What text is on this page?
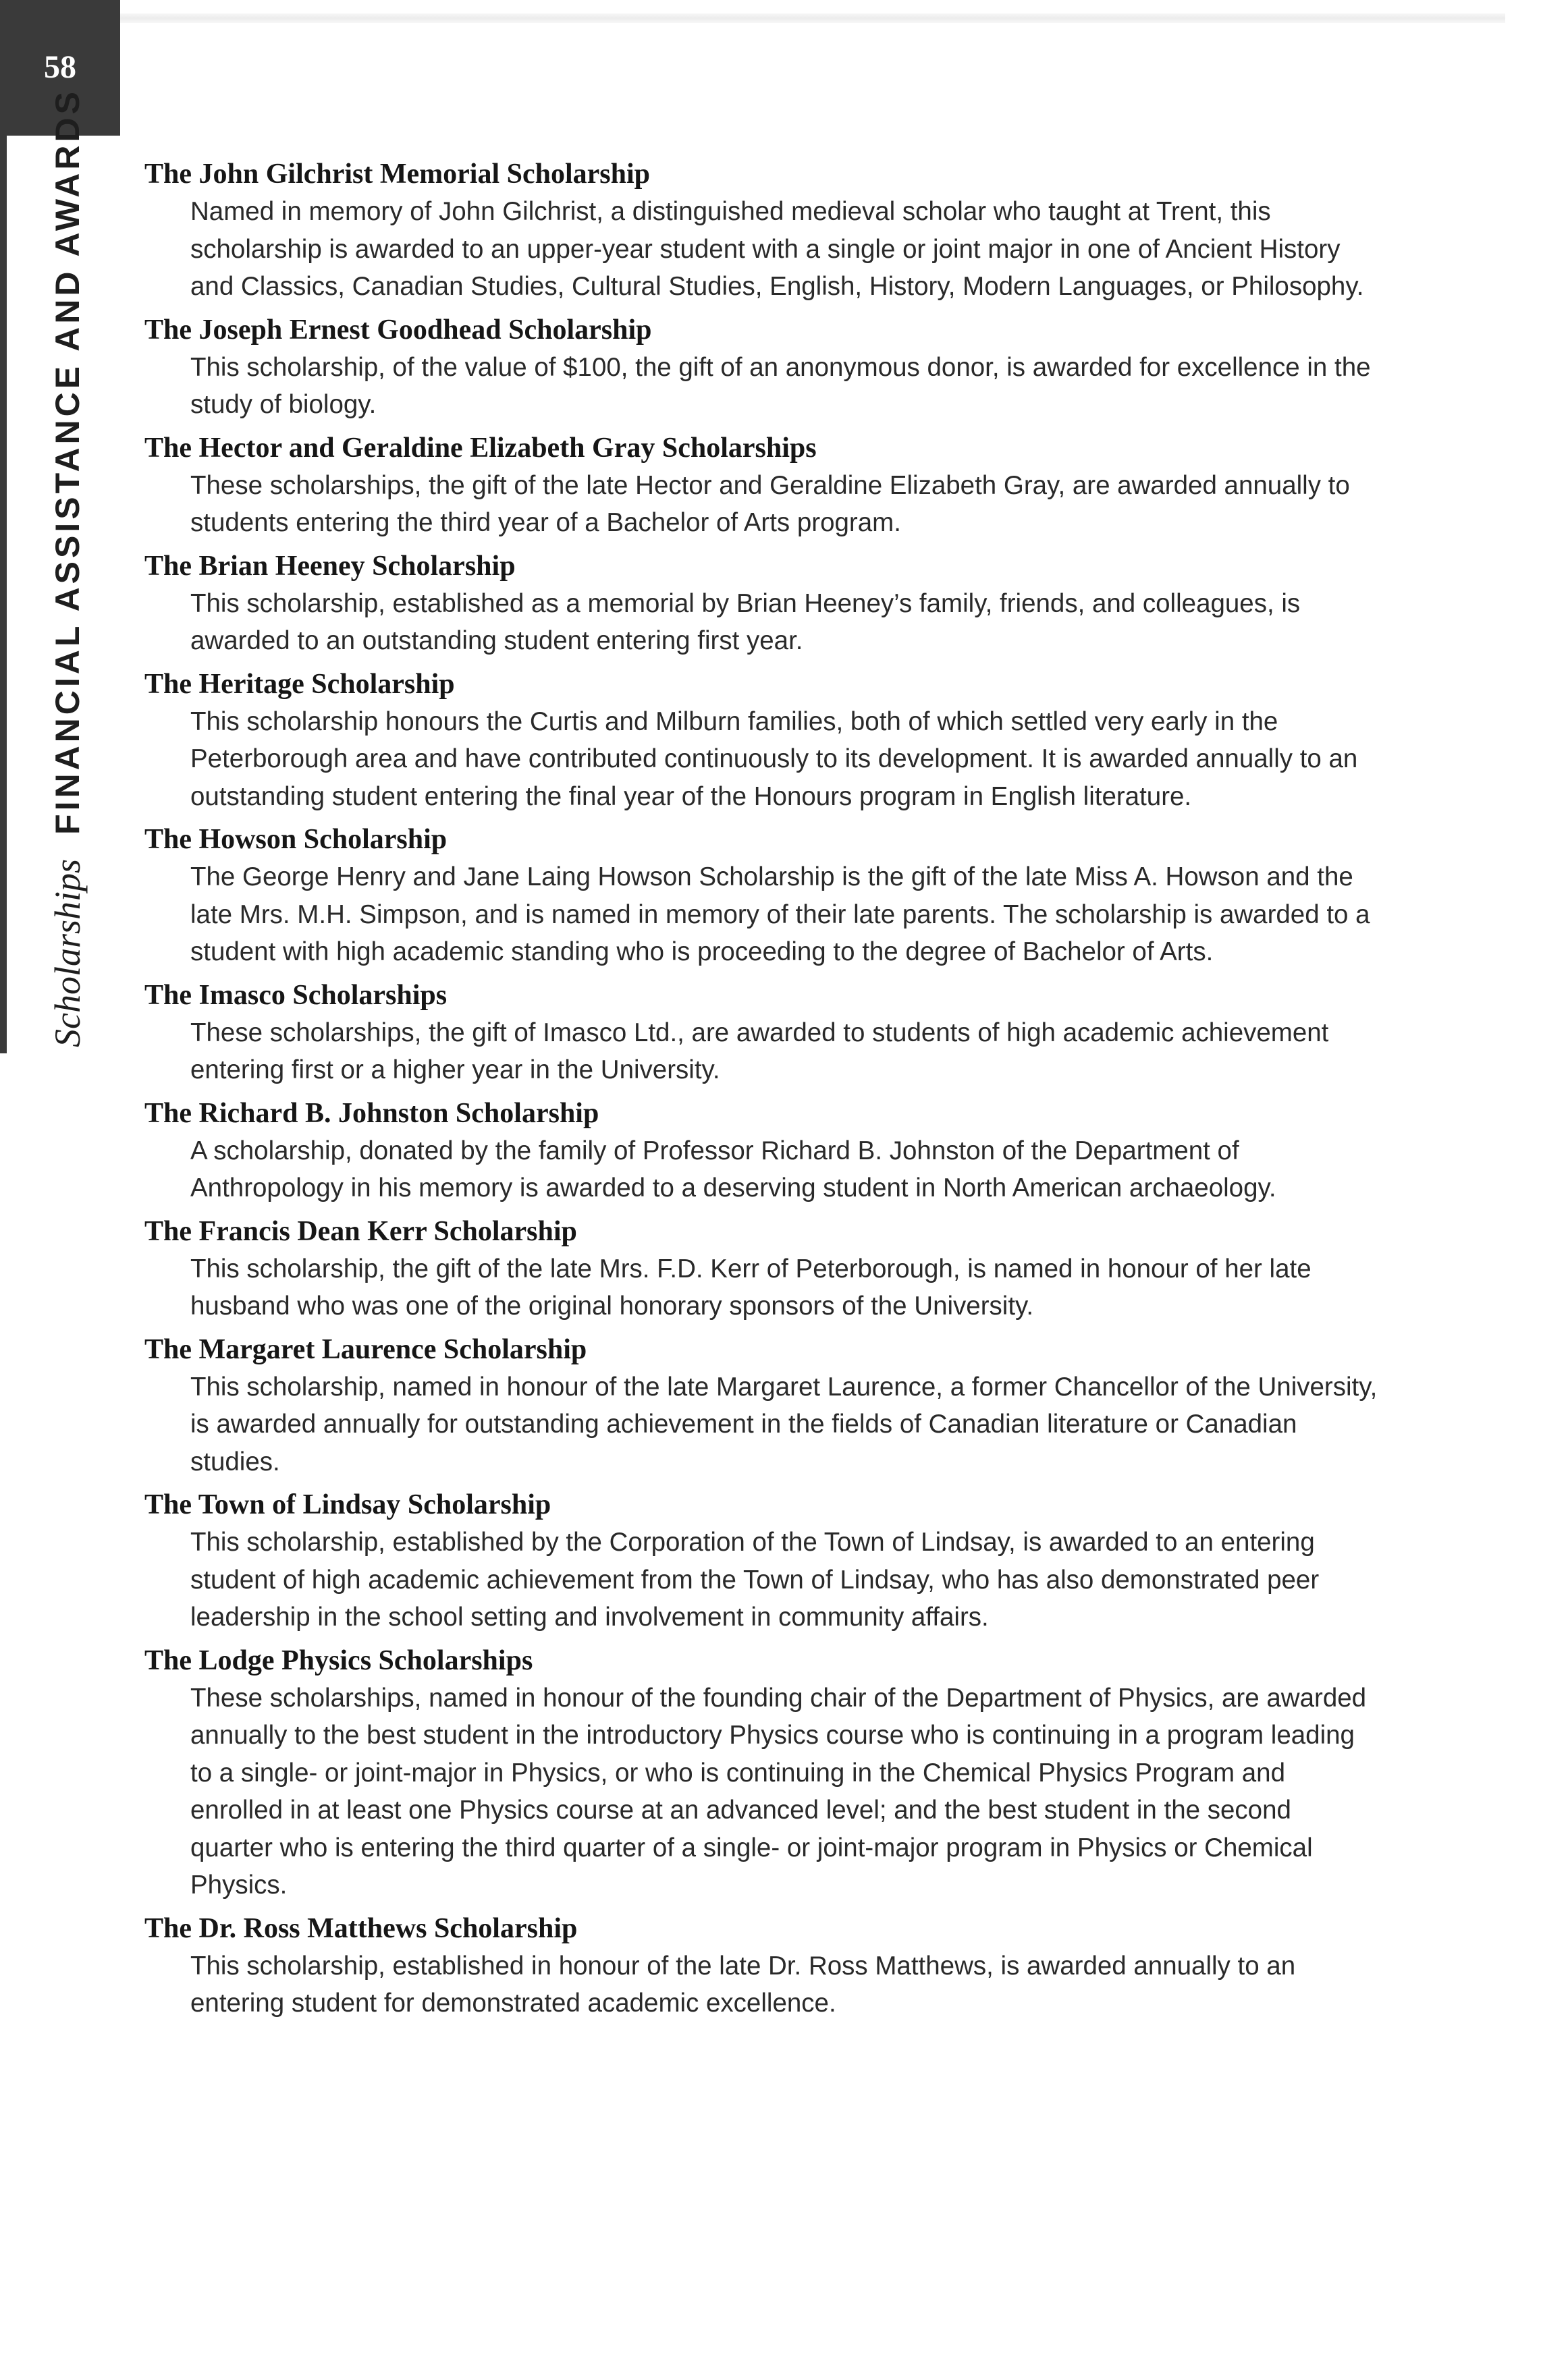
58
Scholarships
FINANCIAL ASSISTANCE AND AWARDS The John Gilchrist Memorial Scholarship
Named in memory of John Gilchrist, a distinguished medieval scholar who taught at Trent, this scholarship is awarded to an upper-year student with a single or joint major in one of Ancient History and Classics, Canadian Studies, Cultural Studies, English, History, Modern Languages, or Philosophy.
The Joseph Ernest Goodhead Scholarship
This scholarship, of the value of $100, the gift of an anonymous donor, is awarded for excellence in the study of biology.
The Hector and Geraldine Elizabeth Gray Scholarships
These scholarships, the gift of the late Hector and Geraldine Elizabeth Gray, are awarded annually to students entering the third year of a Bachelor of Arts program.
The Brian Heeney Scholarship
This scholarship, established as a memorial by Brian Heeney’s family, friends, and colleagues, is awarded to an outstanding student entering first year.
The Heritage Scholarship
This scholarship honours the Curtis and Milburn families, both of which settled very early in the Peterborough area and have contributed continuously to its development. It is awarded annually to an outstanding student entering the final year of the Honours program in English literature.
The Howson Scholarship
The George Henry and Jane Laing Howson Scholarship is the gift of the late Miss A. Howson and the late Mrs. M.H. Simpson, and is named in memory of their late parents. The scholarship is awarded to a student with high academic standing who is proceeding to the degree of Bachelor of Arts.
The Imasco Scholarships
These scholarships, the gift of Imasco Ltd., are awarded to students of high academic achievement entering first or a higher year in the University.
The Richard B. Johnston Scholarship
A scholarship, donated by the family of Professor Richard B. Johnston of the Department of Anthropology in his memory is awarded to a deserving student in North American archaeology.
The Francis Dean Kerr Scholarship
This scholarship, the gift of the late Mrs. F.D. Kerr of Peterborough, is named in honour of her late husband who was one of the original honorary sponsors of the University.
The Margaret Laurence Scholarship
This scholarship, named in honour of the late Margaret Laurence, a former Chancellor of the University, is awarded annually for outstanding achievement in the fields of Canadian literature or Canadian studies.
The Town of Lindsay Scholarship
This scholarship, established by the Corporation of the Town of Lindsay, is awarded to an entering student of high academic achievement from the Town of Lindsay, who has also demonstrated peer leadership in the school setting and involvement in community affairs.
The Lodge Physics Scholarships
These scholarships, named in honour of the founding chair of the Department of Physics, are awarded annually to the best student in the introductory Physics course who is continuing in a program leading to a single- or joint-major in Physics, or who is continuing in the Chemical Physics Program and enrolled in at least one Physics course at an advanced level; and the best student in the second quarter who is entering the third quarter of a single- or joint-major program in Physics or Chemical Physics.
The Dr. Ross Matthews Scholarship
This scholarship, established in honour of the late Dr. Ross Matthews, is awarded annually to an entering student for demonstrated academic excellence.
